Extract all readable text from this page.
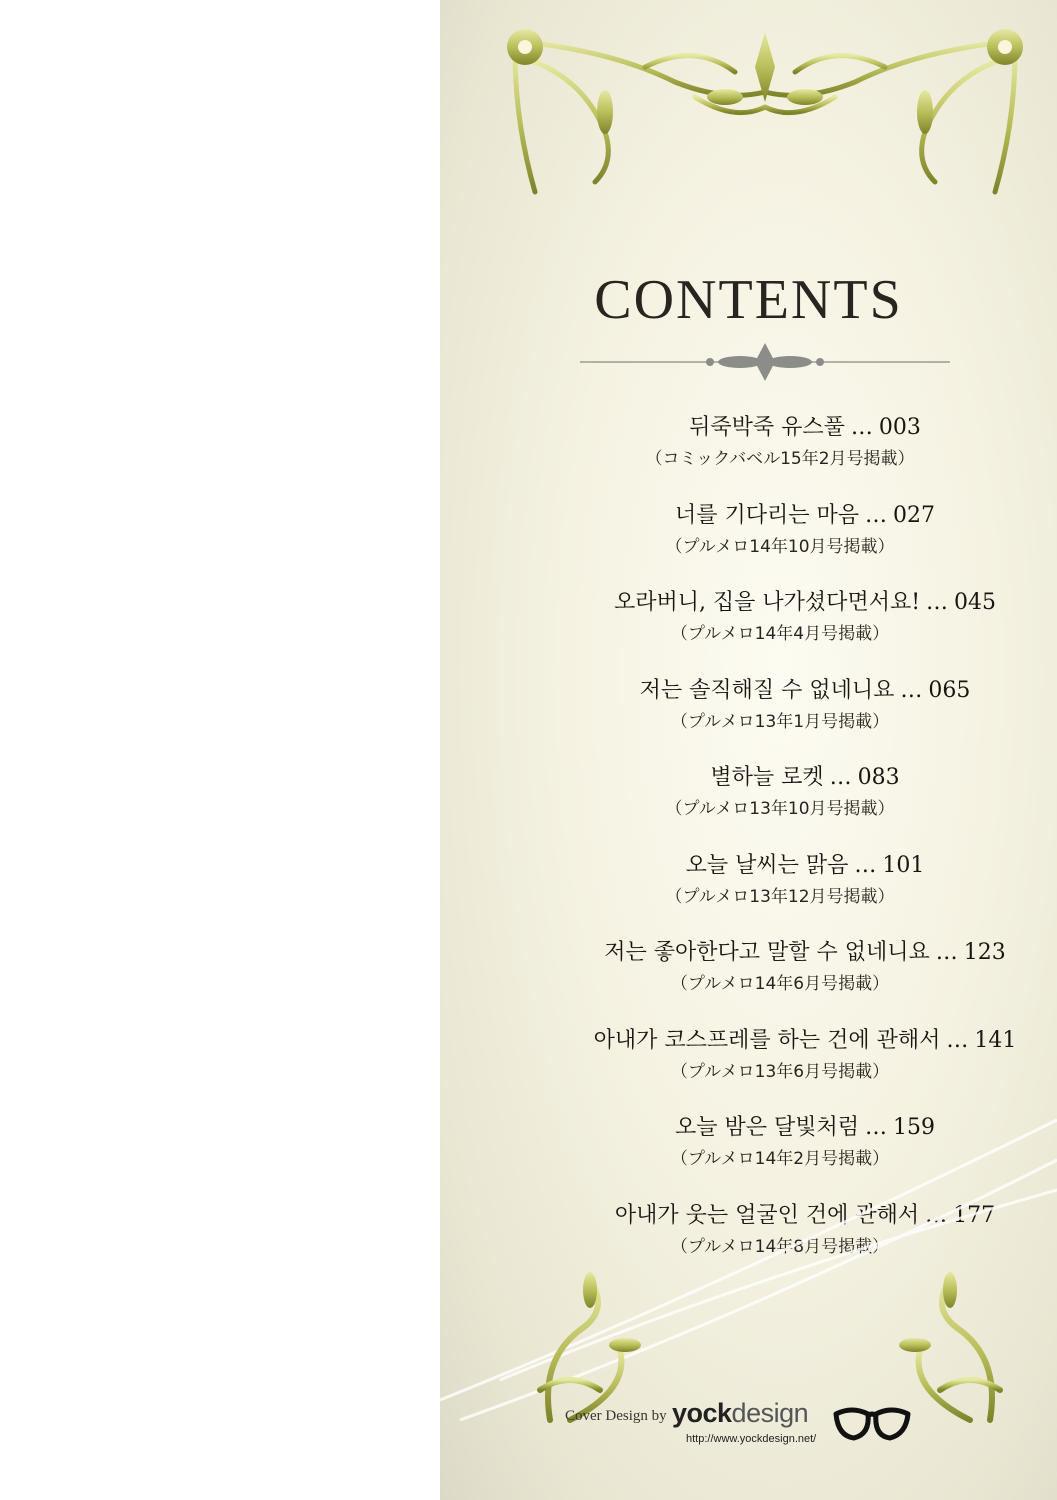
CONTENTS
뒤죽박죽 유스풀 … 003
（コミックバベル15年2月号掲載）
너를 기다리는 마음 … 027
（プルメロ14年10月号掲載）
오라버니, 집을 나가셨다면서요! … 045
（プルメロ14年4月号掲載）
저는 솔직해질 수 없네니요 … 065
（プルメロ13年1月号掲載）
별하늘 로켓 … 083
（プルメロ13年10月号掲載）
오늘 날씨는 맑음 … 101
（プルメロ13年12月号掲載）
저는 좋아한다고 말할 수 없네니요 … 123
（プルメロ14年6月号掲載）
아내가 코스프레를 하는 건에 관해서 … 141
（プルメロ13年6月号掲載）
오늘 밤은 달빛처럼 … 159
（プルメロ14年2月号掲載）
아내가 웃는 얼굴인 건에 관해서 … 177
（プルメロ14年8月号掲載）
Cover Design by yockdesign
http://www.yockdesign.net/
